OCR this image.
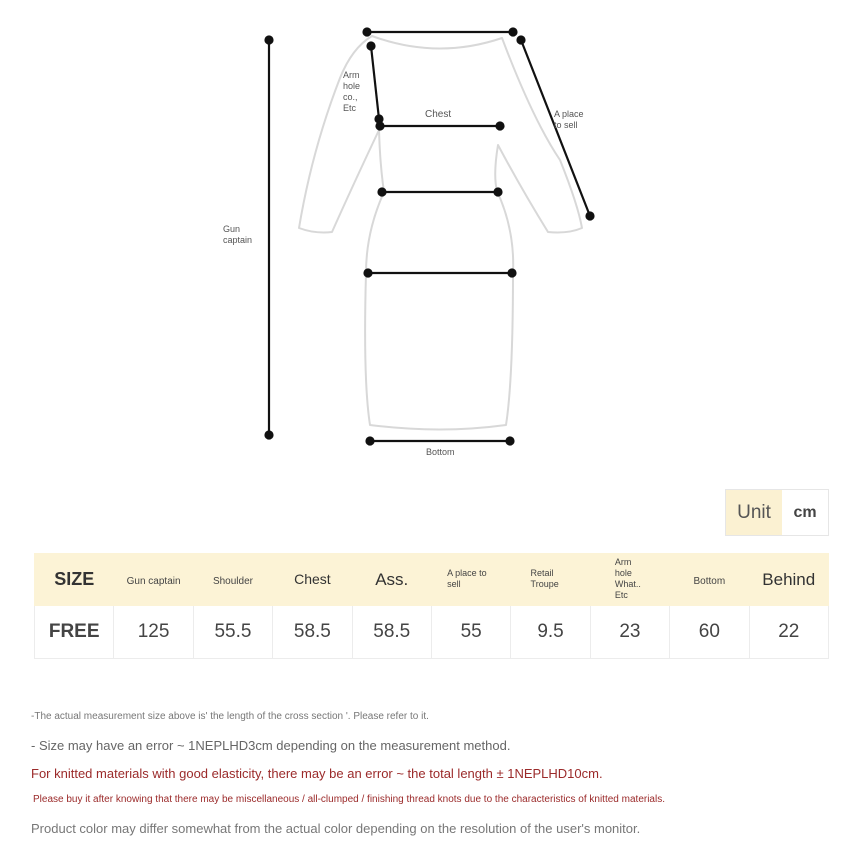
Arm hole co., Etc
Chest	A place to sell
Gun captain
Bottom
Unit	cm
SIZE	Gun captain	Shoulder	Chest	Ass.	A place to sell	Retail Troupe	Arm hole What.. Etc	Bottom	Behind
FREE	125	55.5	58.5	58.5	55	9.5	23	60	22
-The actual measurement size above is' the length of the cross section '. Please refer to it.
- Size may have an error ~ 1NEPLHD3cm depending on the measurement method.
For knitted materials with good elasticity, there may be an error ~ the total length ± 1NEPLHD10cm.
Please buy it after knowing that there may be miscellaneous / all-clumped / finishing thread knots due to the characteristics of knitted materials.
Product color may differ somewhat from the actual color depending on the resolution of the user's monitor.
